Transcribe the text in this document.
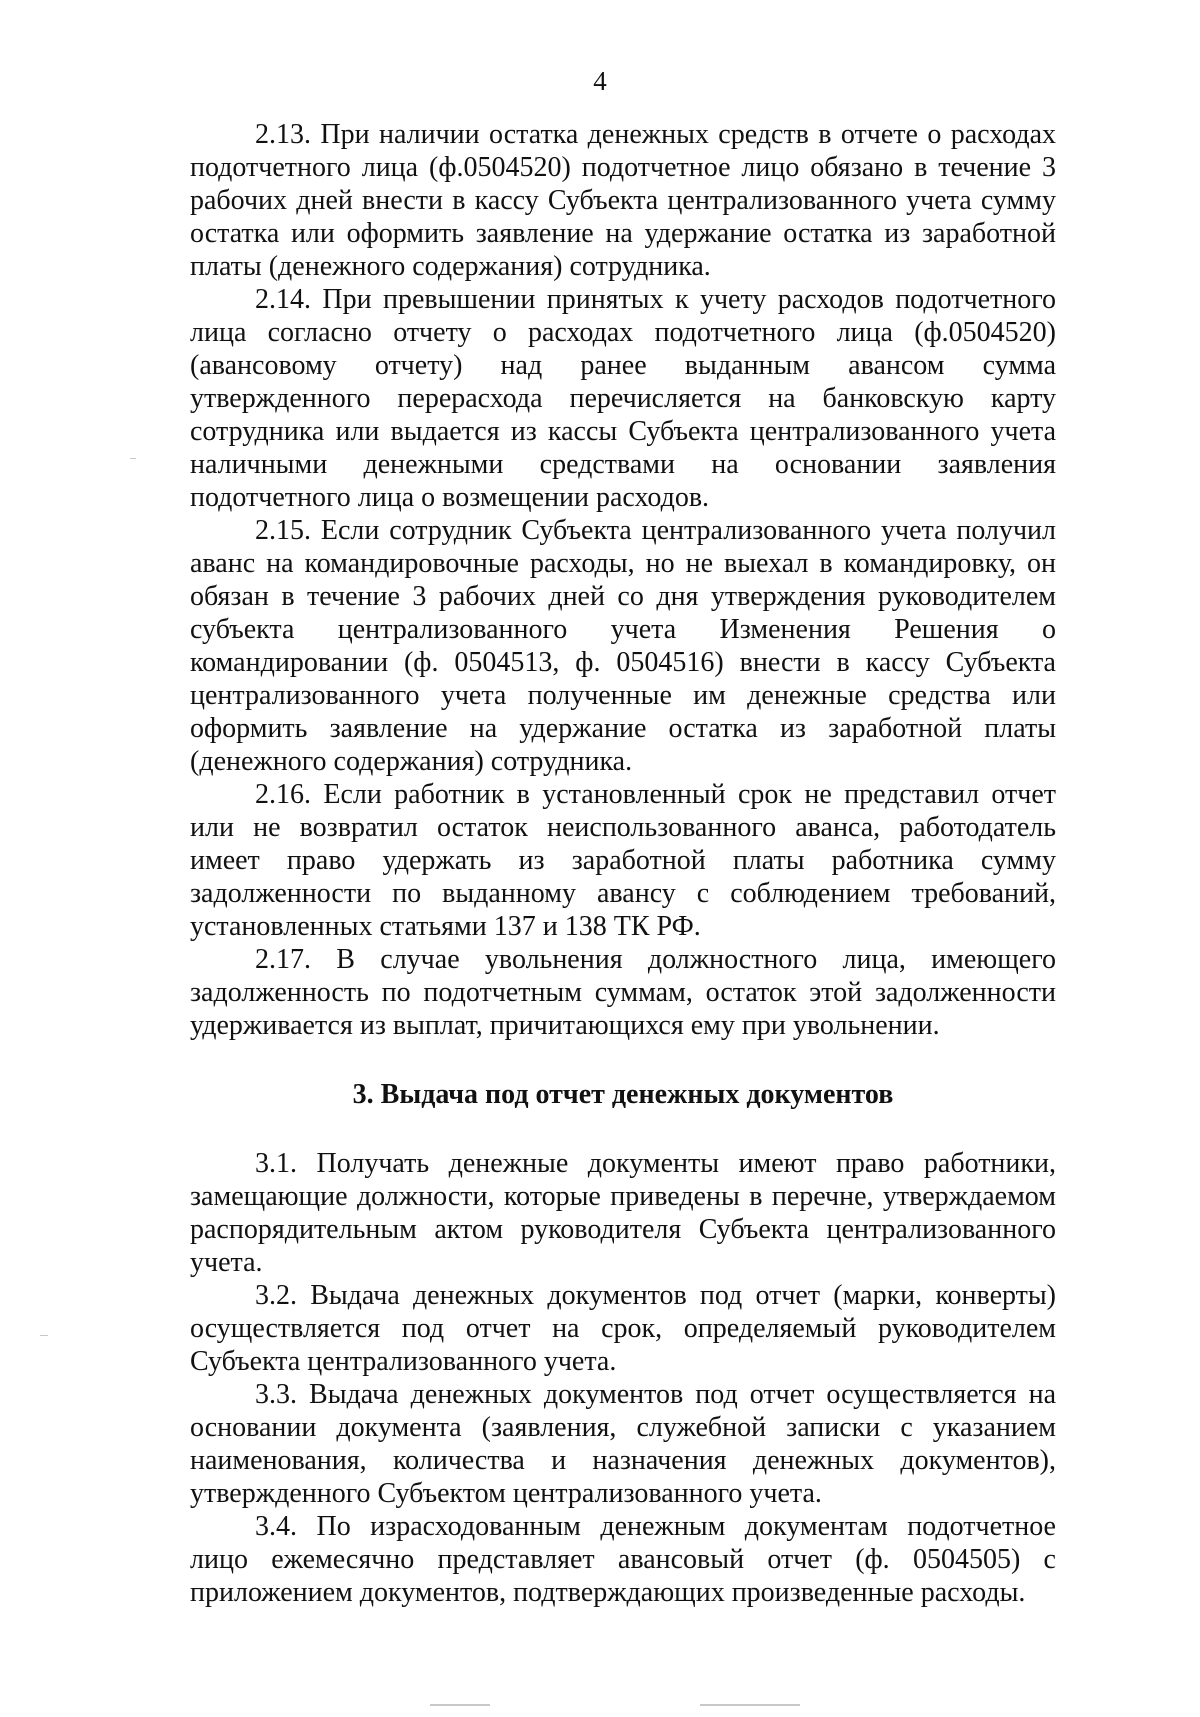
4

2.13. При наличии остатка денежных средств в отчете о расходах подотчетного лица (ф.0504520) подотчетное лицо обязано в течение 3 рабочих дней внести в кассу Субъекта централизованного учета сумму остатка или оформить заявление на удержание остатка из заработной платы (денежного содержания) сотрудника.

2.14. При превышении принятых к учету расходов подотчетного лица согласно отчету о расходах подотчетного лица (ф.0504520) (авансовому отчету) над ранее выданным авансом сумма утвержденного перерасхода перечисляется на банковскую карту сотрудника или выдается из кассы Субъекта централизованного учета наличными денежными средствами на основании заявления подотчетного лица о возмещении расходов.

2.15. Если сотрудник Субъекта централизованного учета получил аванс на командировочные расходы, но не выехал в командировку, он обязан в течение 3 рабочих дней со дня утверждения руководителем субъекта централизованного учета Изменения Решения о командировании (ф. 0504513, ф. 0504516) внести в кассу Субъекта централизованного учета полученные им денежные средства или оформить заявление на удержание остатка из заработной платы (денежного содержания) сотрудника.

2.16. Если работник в установленный срок не представил отчет или не возвратил остаток неиспользованного аванса, работодатель имеет право удержать из заработной платы работника сумму задолженности по выданному авансу с соблюдением требований, установленных статьями 137 и 138 ТК РФ.

2.17. В случае увольнения должностного лица, имеющего задолженность по подотчетным суммам, остаток этой задолженности удерживается из выплат, причитающихся ему при увольнении.

3. Выдача под отчет денежных документов

3.1. Получать денежные документы имеют право работники, замещающие должности, которые приведены в перечне, утверждаемом распорядительным актом руководителя Субъекта централизованного учета.

3.2. Выдача денежных документов под отчет (марки, конверты) осуществляется под отчет на срок, определяемый руководителем Субъекта централизованного учета.

3.3. Выдача денежных документов под отчет осуществляется на основании документа (заявления, служебной записки с указанием наименования, количества и назначения денежных документов), утвержденного Субъектом централизованного учета.

3.4. По израсходованным денежным документам подотчетное лицо ежемесячно представляет авансовый отчет (ф. 0504505) с приложением документов, подтверждающих произведенные расходы.
